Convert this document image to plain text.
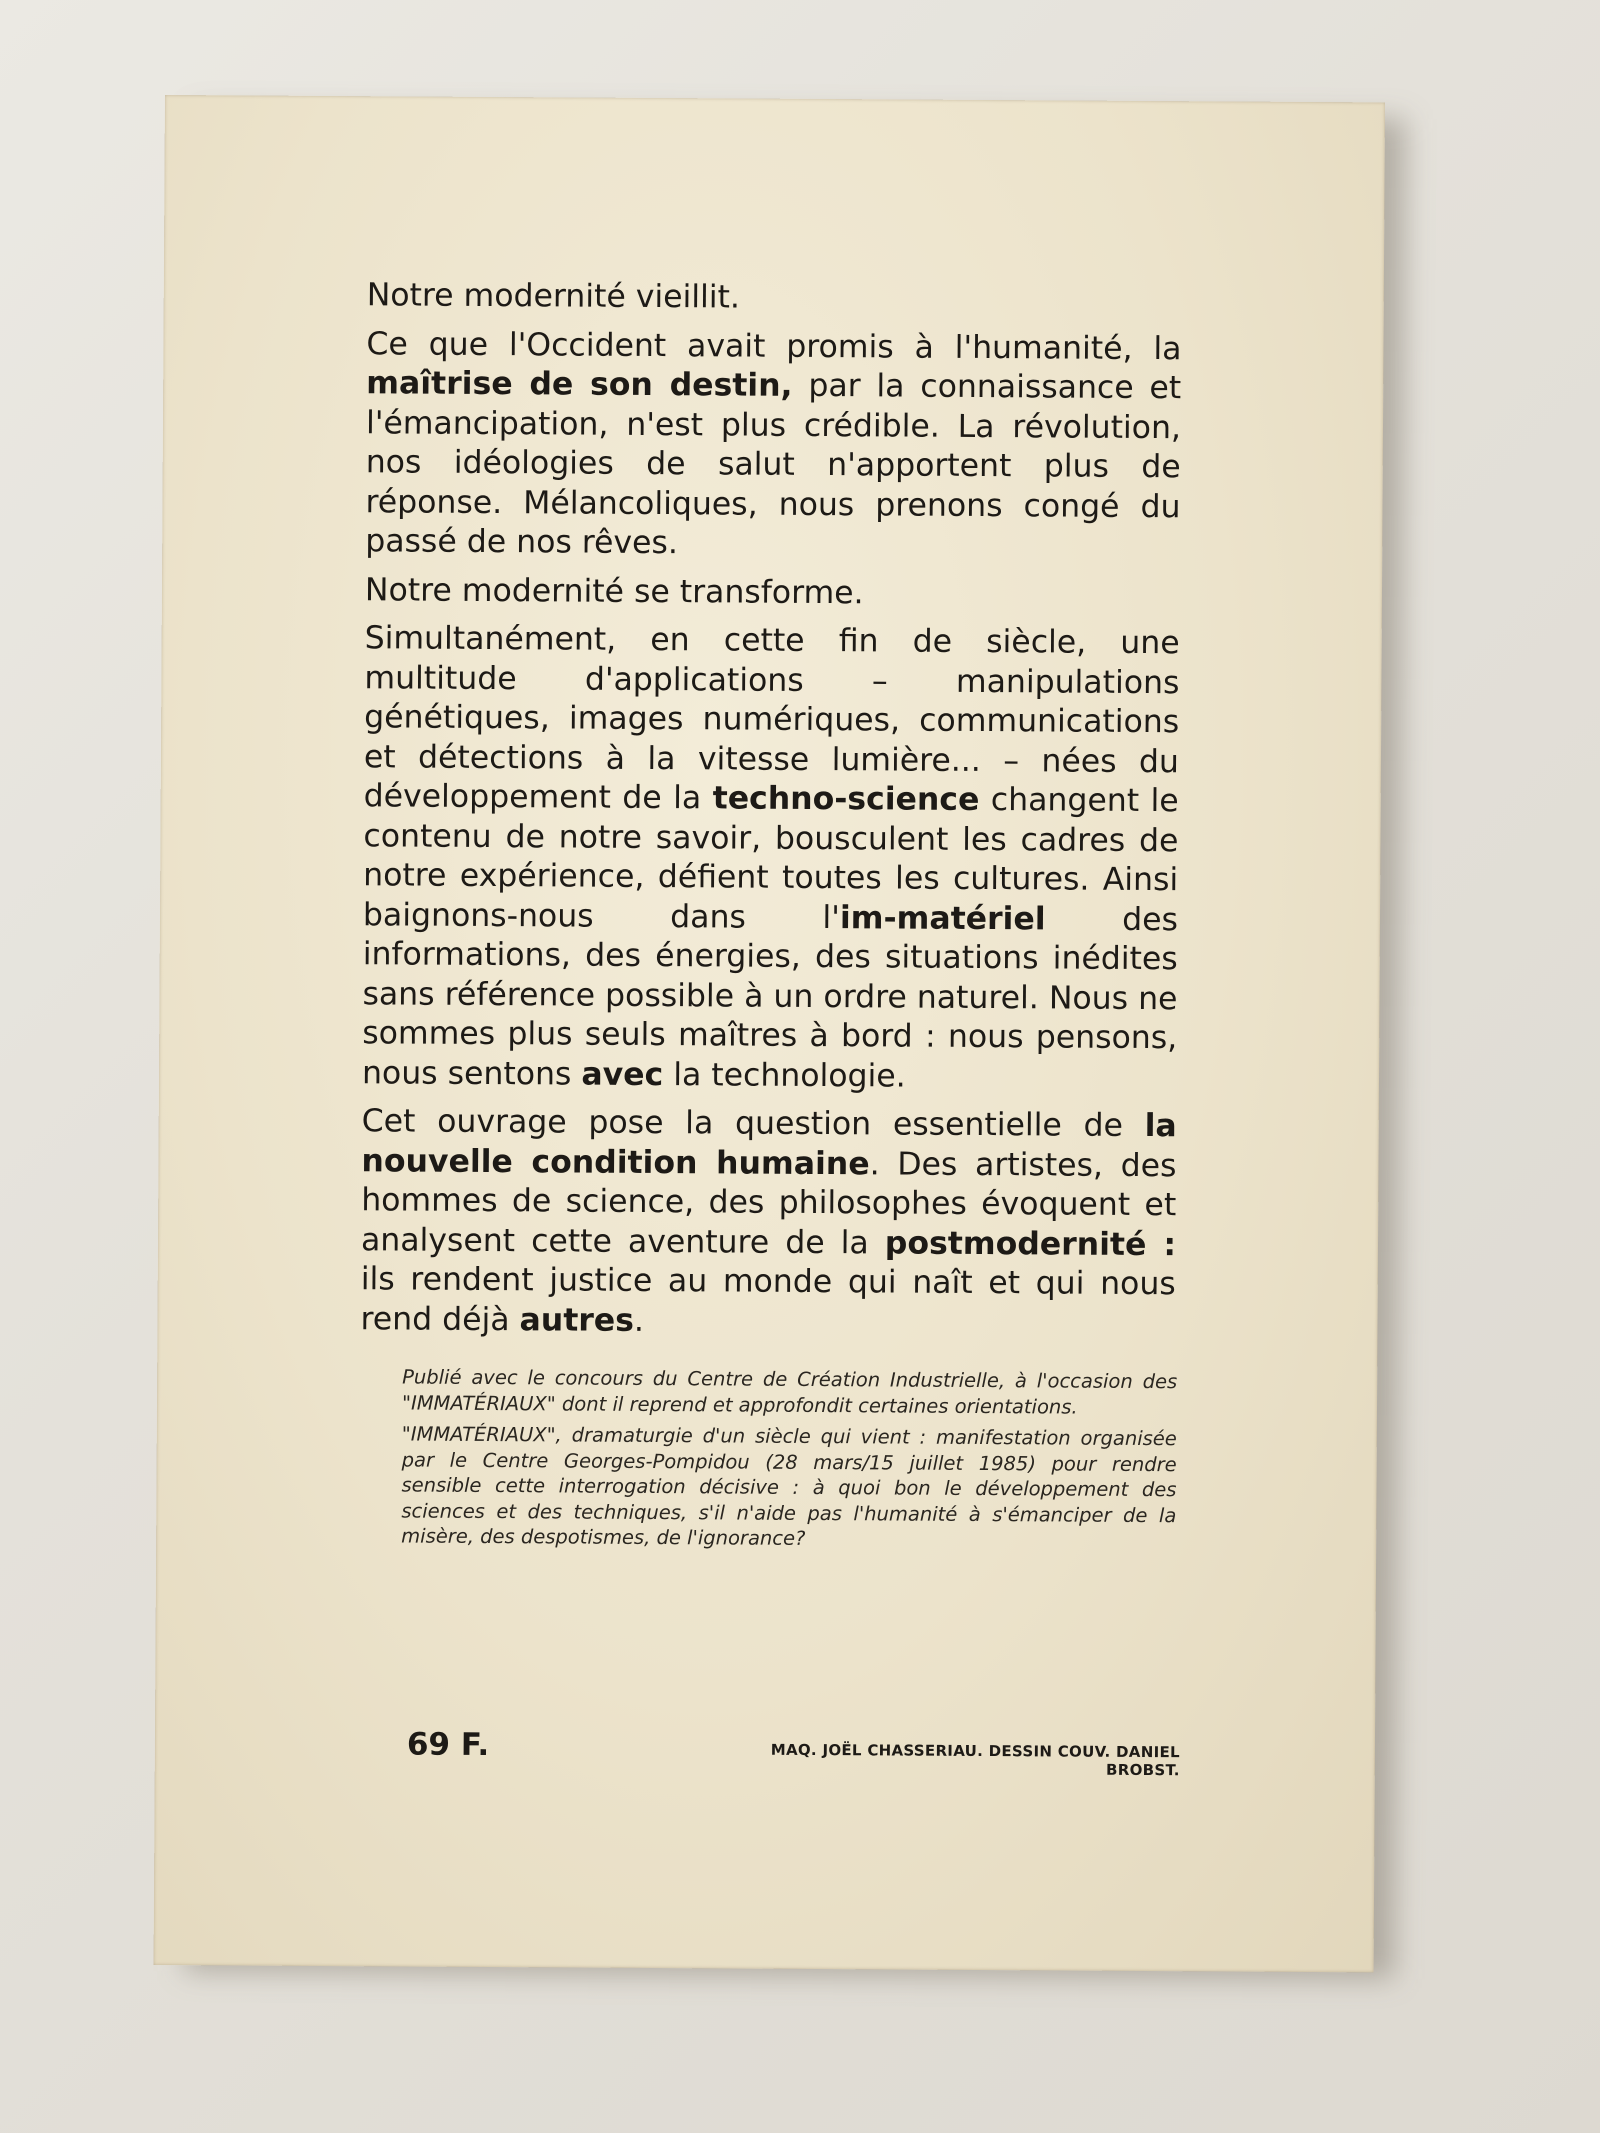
Notre modernité vieillit.

Ce que l'Occident avait promis à l'humanité, la maîtrise de son destin, par la connaissance et l'émancipation, n'est plus crédible. La révolution, nos idéologies de salut n'apportent plus de réponse. Mélancoliques, nous prenons congé du passé de nos rêves.

Notre modernité se transforme.

Simultanément, en cette fin de siècle, une multitude d'applications – manipulations génétiques, images numériques, communications et détections à la vitesse lumière... – nées du développement de la techno-science changent le contenu de notre savoir, bousculent les cadres de notre expérience, défient toutes les cultures. Ainsi baignons-nous dans l'im-matériel des informations, des énergies, des situations inédites sans référence possible à un ordre naturel. Nous ne sommes plus seuls maîtres à bord : nous pensons, nous sentons avec la technologie.

Cet ouvrage pose la question essentielle de la nouvelle condition humaine. Des artistes, des hommes de science, des philosophes évoquent et analysent cette aventure de la postmodernité : ils rendent justice au monde qui naît et qui nous rend déjà autres.

Publié avec le concours du Centre de Création Industrielle, à l'occasion des "IMMATÉRIAUX" dont il reprend et approfondit certaines orientations.

"IMMATÉRIAUX", dramaturgie d'un siècle qui vient : manifestation organisée par le Centre Georges-Pompidou (28 mars/15 juillet 1985) pour rendre sensible cette interrogation décisive : à quoi bon le développement des sciences et des techniques, s'il n'aide pas l'humanité à s'émanciper de la misère, des despotismes, de l'ignorance?

69 F.	MAQ. JOËL CHASSERIAU. DESSIN COUV. DANIEL BROBST.
